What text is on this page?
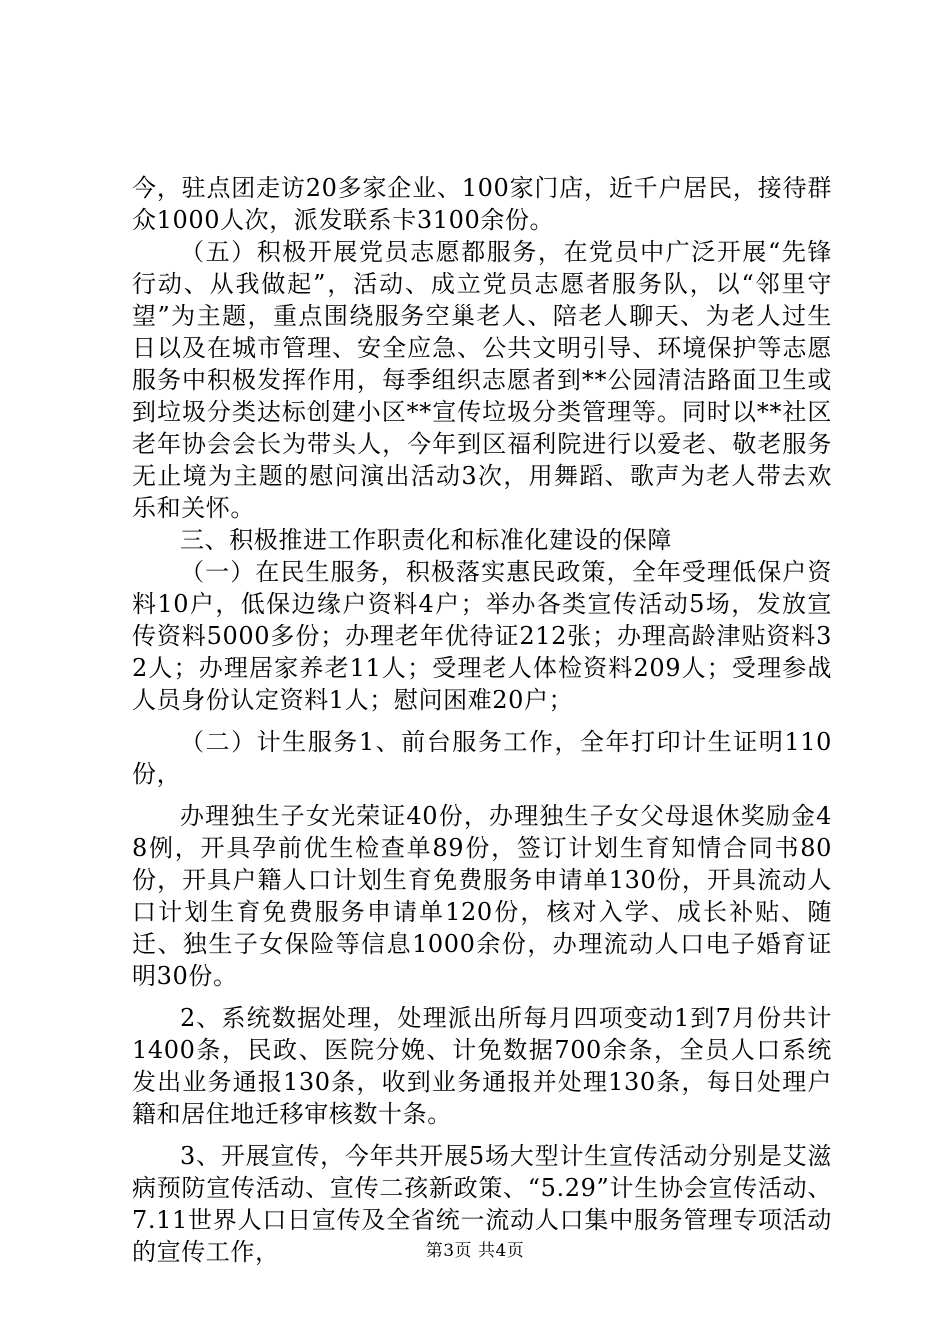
今，驻点团走访20多家企业、100家门店，近千户居民，接待群众1000人次，派发联系卡3100余份。

（五）积极开展党员志愿都服务，在党员中广泛开展“先锋行动、从我做起”，活动、成立党员志愿者服务队，以“邻里守望”为主题，重点围绕服务空巢老人、陪老人聊天、为老人过生日以及在城市管理、安全应急、公共文明引导、环境保护等志愿服务中积极发挥作用，每季组织志愿者到**公园清洁路面卫生或到垃圾分类达标创建小区**宣传垃圾分类管理等。同时以**社区老年协会会长为带头人，今年到区福利院进行以爱老、敬老服务无止境为主题的慰问演出活动3次，用舞蹈、歌声为老人带去欢乐和关怀。

三、积极推进工作职责化和标准化建设的保障

（一）在民生服务，积极落实惠民政策，全年受理低保户资料10户，低保边缘户资料4户；举办各类宣传活动5场，发放宣传资料5000多份；办理老年优待证212张；办理高龄津贴资料32人；办理居家养老11人；受理老人体检资料209人；受理参战人员身份认定资料1人；慰问困难20户；

（二）计生服务1、前台服务工作，全年打印计生证明110份，

办理独生子女光荣证40份，办理独生子女父母退休奖励金48例，开具孕前优生检查单89份，签订计划生育知情合同书80份，开具户籍人口计划生育免费服务申请单130份，开具流动人口计划生育免费服务申请单120份，核对入学、成长补贴、随迁、独生子女保险等信息1000余份，办理流动人口电子婚育证明30份。

2、系统数据处理，处理派出所每月四项变动1到7月份共计1400条，民政、医院分娩、计免数据700余条，全员人口系统发出业务通报130条，收到业务通报并处理130条，每日处理户籍和居住地迁移审核数十条。

3、开展宣传，今年共开展5场大型计生宣传活动分别是艾滋病预防宣传活动、宣传二孩新政策、“5.29”计生协会宣传活动、7.11世界人口日宣传及全省统一流动人口集中服务管理专项活动的宣传工作，	第3页 共4页
